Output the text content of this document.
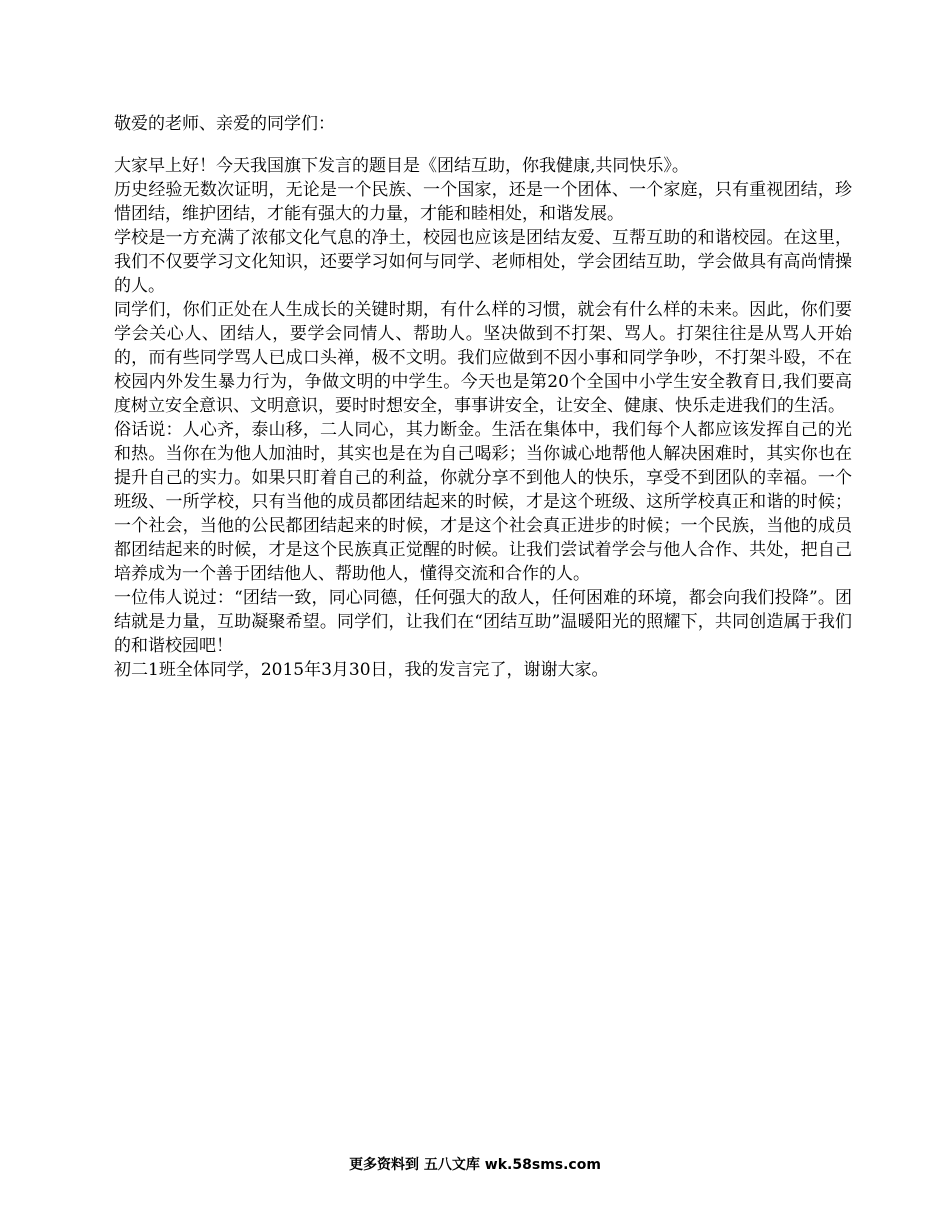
敬爱的老师、亲爱的同学们：

大家早上好！今天我国旗下发言的题目是《团结互助，你我健康,共同快乐》。

历史经验无数次证明，无论是一个民族、一个国家，还是一个团体、一个家庭，只有重视团结，珍惜团结，维护团结，才能有强大的力量，才能和睦相处，和谐发展。

学校是一方充满了浓郁文化气息的净土，校园也应该是团结友爱、互帮互助的和谐校园。在这里，我们不仅要学习文化知识，还要学习如何与同学、老师相处，学会团结互助，学会做具有高尚情操的人。

同学们，你们正处在人生成长的关键时期，有什么样的习惯，就会有什么样的未来。因此，你们要学会关心人、团结人，要学会同情人、帮助人。坚决做到不打架、骂人。打架往往是从骂人开始的，而有些同学骂人已成口头禅，极不文明。我们应做到不因小事和同学争吵，不打架斗殴，不在校园内外发生暴力行为，争做文明的中学生。今天也是第20个全国中小学生安全教育日,我们要高度树立安全意识、文明意识，要时时想安全，事事讲安全，让安全、健康、快乐走进我们的生活。

俗话说：人心齐，泰山移，二人同心，其力断金。生活在集体中，我们每个人都应该发挥自己的光和热。当你在为他人加油时，其实也是在为自己喝彩；当你诚心地帮他人解决困难时，其实你也在提升自己的实力。如果只盯着自己的利益，你就分享不到他人的快乐，享受不到团队的幸福。一个班级、一所学校，只有当他的成员都团结起来的时候，才是这个班级、这所学校真正和谐的时候；一个社会，当他的公民都团结起来的时候，才是这个社会真正进步的时候；一个民族，当他的成员都团结起来的时候，才是这个民族真正觉醒的时候。让我们尝试着学会与他人合作、共处，把自己培养成为一个善于团结他人、帮助他人，懂得交流和合作的人。

一位伟人说过：“团结一致，同心同德，任何强大的敌人，任何困难的环境，都会向我们投降”。团结就是力量，互助凝聚希望。同学们，让我们在“团结互助”温暖阳光的照耀下，共同创造属于我们的和谐校园吧！

初二1班全体同学，2015年3月30日，我的发言完了，谢谢大家。

更多资料到 五八文库 wk.58sms.com
